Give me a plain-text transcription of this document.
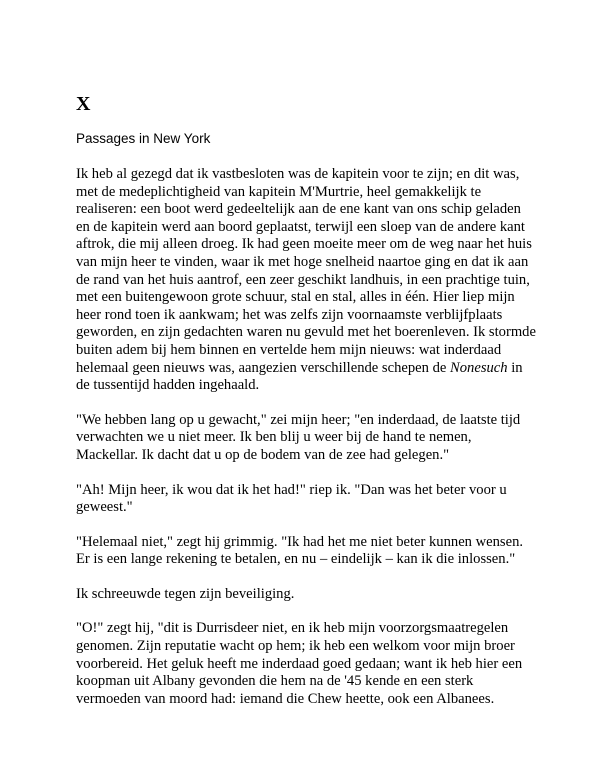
X
Passages in New York

Ik heb al gezegd dat ik vastbesloten was de kapitein voor te zijn; en dit was, met de medeplichtigheid van kapitein M'Murtrie, heel gemakkelijk te realiseren: een boot werd gedeeltelijk aan de ene kant van ons schip geladen en de kapitein werd aan boord geplaatst, terwijl een sloep van de andere kant aftrok, die mij alleen droeg. Ik had geen moeite meer om de weg naar het huis van mijn heer te vinden, waar ik met hoge snelheid naartoe ging en dat ik aan de rand van het huis aantrof, een zeer geschikt landhuis, in een prachtige tuin, met een buitengewoon grote schuur, stal en stal, alles in één. Hier liep mijn heer rond toen ik aankwam; het was zelfs zijn voornaamste verblijfplaats geworden, en zijn gedachten waren nu gevuld met het boerenleven. Ik stormde buiten adem bij hem binnen en vertelde hem mijn nieuws: wat inderdaad helemaal geen nieuws was, aangezien verschillende schepen de Nonesuch in de tussentijd hadden ingehaald.

"We hebben lang op u gewacht," zei mijn heer; "en inderdaad, de laatste tijd verwachten we u niet meer. Ik ben blij u weer bij de hand te nemen, Mackellar. Ik dacht dat u op de bodem van de zee had gelegen."

"Ah! Mijn heer, ik wou dat ik het had!" riep ik. "Dan was het beter voor u geweest."

"Helemaal niet," zegt hij grimmig. "Ik had het me niet beter kunnen wensen. Er is een lange rekening te betalen, en nu – eindelijk – kan ik die inlossen."

Ik schreeuwde tegen zijn beveiliging.

"O!" zegt hij, "dit is Durrisdeer niet, en ik heb mijn voorzorgsmaatregelen genomen. Zijn reputatie wacht op hem; ik heb een welkom voor mijn broer voorbereid. Het geluk heeft me inderdaad goed gedaan; want ik heb hier een koopman uit Albany gevonden die hem na de '45 kende en een sterk vermoeden van moord had: iemand die Chew heette, ook een Albanees.
